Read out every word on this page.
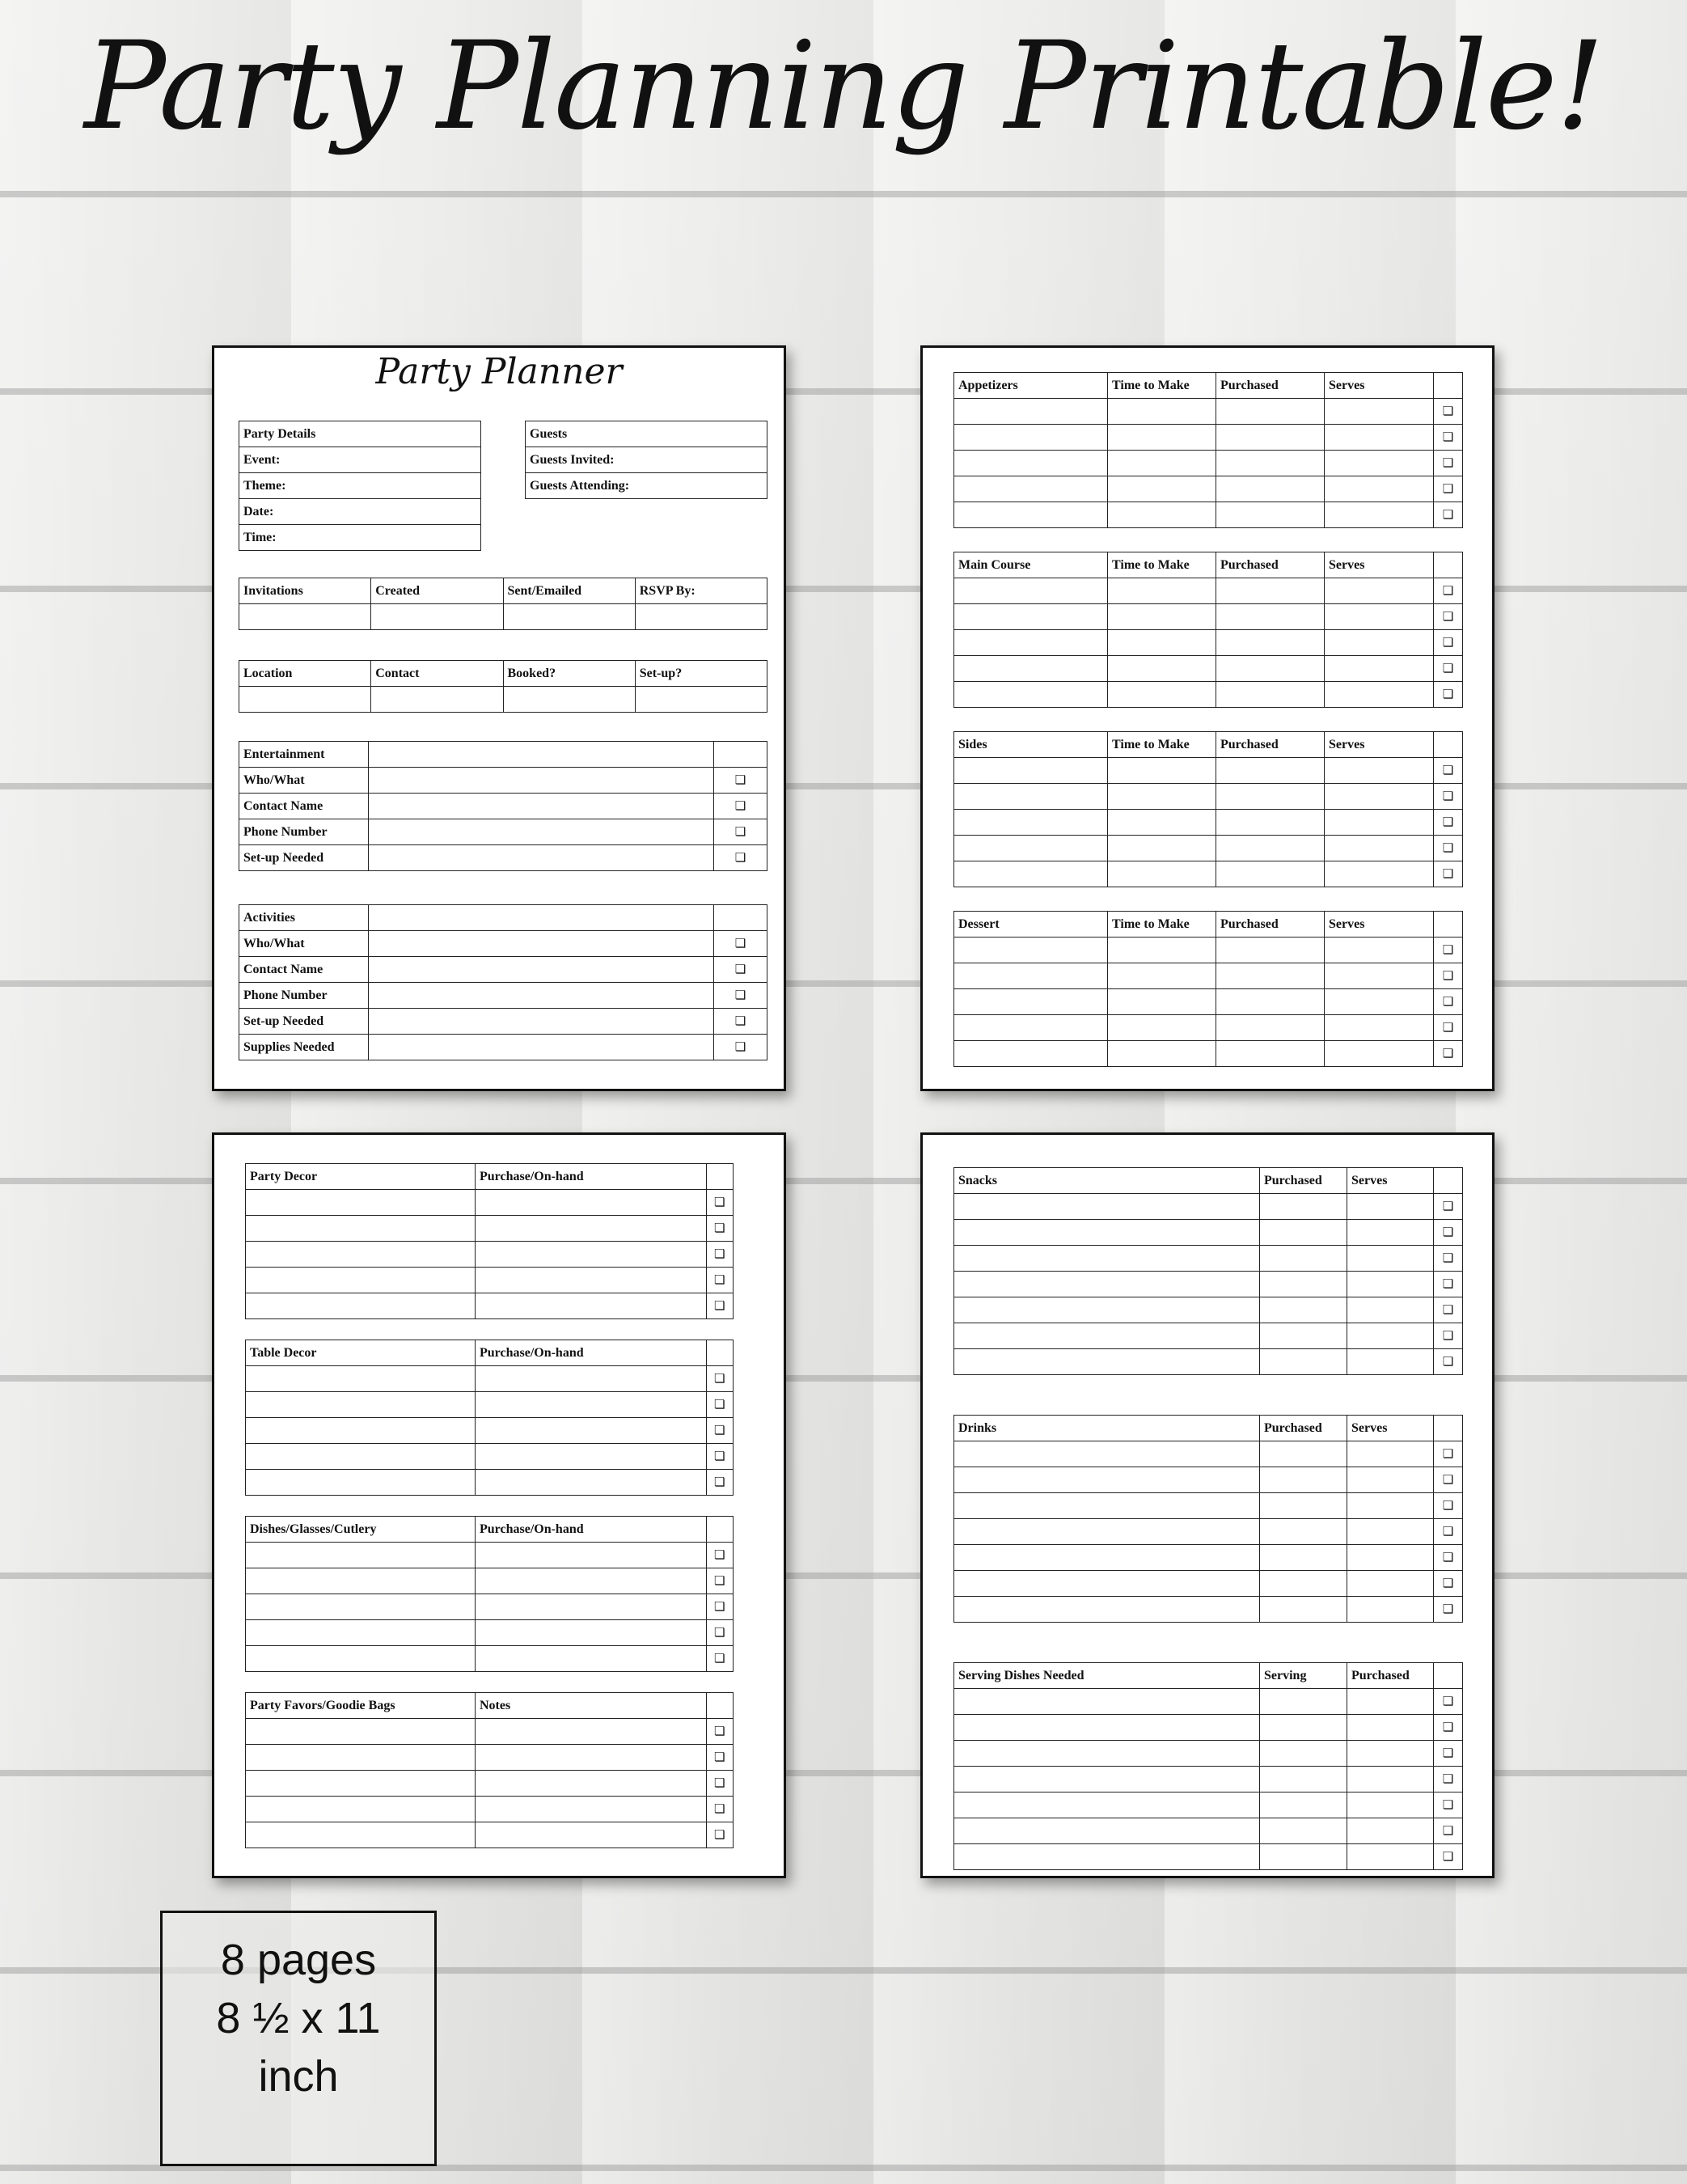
Party Planning Printable!
Party Planner
Party Details
Event:
Theme:
Date:
Time:
Guests
Guests Invited:
Guests Attending:
Invitations	Created	Sent/Emailed	RSVP By:

Location	Contact	Booked?	Set-up?

Entertainment		
Who/What		❏
Contact Name		❏
Phone Number		❏
Set-up Needed		❏
Activities		
Who/What		❏
Contact Name		❏
Phone Number		❏
Set-up Needed		❏
Supplies Needed		❏
Appetizers	Time to Make	Purchased	Serves	
				❏
				❏
				❏
				❏
				❏
Main Course	Time to Make	Purchased	Serves	
				❏
				❏
				❏
				❏
				❏
Sides	Time to Make	Purchased	Serves	
				❏
				❏
				❏
				❏
				❏
Dessert	Time to Make	Purchased	Serves	
				❏
				❏
				❏
				❏
				❏
Party Decor	Purchase/On-hand	
		❏
		❏
		❏
		❏
		❏
Table Decor	Purchase/On-hand	
		❏
		❏
		❏
		❏
		❏
Dishes/Glasses/Cutlery	Purchase/On-hand	
		❏
		❏
		❏
		❏
		❏
Party Favors/Goodie Bags	Notes	
		❏
		❏
		❏
		❏
		❏
Snacks	Purchased	Serves	
			❏
			❏
			❏
			❏
			❏
			❏
			❏
Drinks	Purchased	Serves	
			❏
			❏
			❏
			❏
			❏
			❏
			❏
Serving Dishes Needed	Serving	Purchased	
			❏
			❏
			❏
			❏
			❏
			❏
			❏
8 pages
8 ½ x 11
inch
